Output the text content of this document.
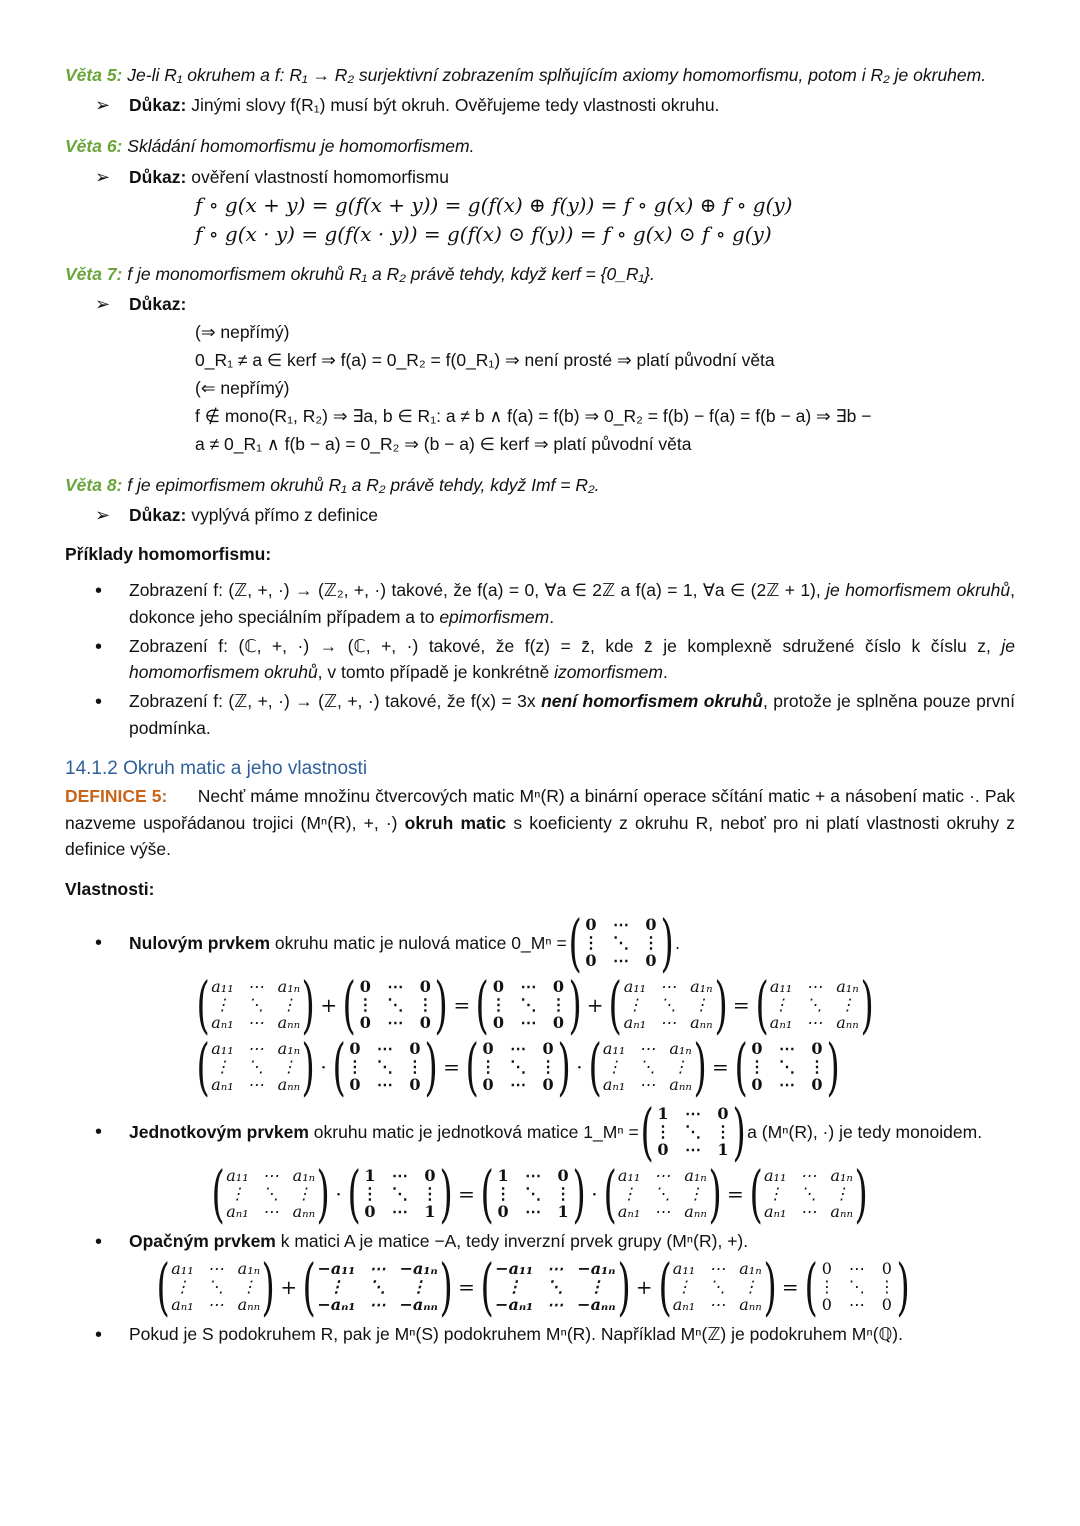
Věta 5: Je-li R₁ okruhem a f: R₁ → R₂ surjektivní zobrazením splňujícím axiomy homomorfismu, potom i R₂ je okruhem.
➢	Důkaz: Jinými slovy f(R₁) musí být okruh. Ověřujeme tedy vlastnosti okruhu.
Věta 6: Skládání homomorfismu je homomorfismem.
➢	Důkaz: ověření vlastností homomorfismu
f ∘ g(x + y) = g(f(x + y)) = g(f(x) ⊕ f(y)) = f ∘ g(x) ⊕ f ∘ g(y)
f ∘ g(x · y) = g(f(x · y)) = g(f(x) ⊙ f(y)) = f ∘ g(x) ⊙ f ∘ g(y)
Věta 7: f je monomorfismem okruhů R₁ a R₂ právě tehdy, když kerf = {0_R₁}.
➢	Důkaz:
(⇒ nepřímý)
0_R₁ ≠ a ∈ kerf ⇒ f(a) = 0_R₂ = f(0_R₁) ⇒ není prosté ⇒ platí původní věta
(⇐ nepřímý)
f ∉ mono(R₁, R₂) ⇒ ∃a, b ∈ R₁: a ≠ b ∧ f(a) = f(b) ⇒ 0_R₂ = f(b) − f(a) = f(b − a) ⇒ ∃b −
a ≠ 0_R₁ ∧ f(b − a) = 0_R₂ ⇒ (b − a) ∈ kerf ⇒ platí původní věta
Věta 8: f je epimorfismem okruhů R₁ a R₂ právě tehdy, když Imf = R₂.
➢	Důkaz: vyplývá přímo z definice
Příklady homomorfismu:
•	Zobrazení f: (ℤ, +, ·) → (ℤ₂, +, ·) takové, že f(a) = 0, ∀a ∈ 2ℤ a f(a) = 1, ∀a ∈ (2ℤ + 1), je homorfismem okruhů, dokonce jeho speciálním případem a to epimorfismem.
•	Zobrazení f: (ℂ, +, ·) → (ℂ, +, ·) takové, že f(z) = z̄, kde z̄ je komplexně sdružené číslo k číslu z, je homomorfismem okruhů, v tomto případě je konkrétně izomorfismem.
•	Zobrazení f: (ℤ, +, ·) → (ℤ, +, ·) takové, že f(x) = 3x není homorfismem okruhů, protože je splněna pouze první podmínka.
14.1.2 Okruh matic a jeho vlastnosti
DEFINICE 5: Nechť máme množinu čtvercových matic Mⁿ(R) a binární operace sčítání matic + a násobení matic ·. Pak nazveme uspořádanou trojici (Mⁿ(R), +, ·) okruh matic s koeficienty z okruhu R, neboť pro ni platí vlastnosti okruhy z definice výše.
Vlastnosti:
•	Nulovým prvkem okruhu matic je nulová matice 0_Mⁿ = ( 0 ⋯ 0
⋮ ⋱ ⋮
0 ⋯ 0 ) .
( a₁₁ ⋯ a₁ₙ
⋮ ⋱ ⋮
aₙ₁ ⋯ aₙₙ ) + ( 0 ⋯ 0
⋮ ⋱ ⋮
0 ⋯ 0 ) = ( 0 ⋯ 0
⋮ ⋱ ⋮
0 ⋯ 0 ) + ( a₁₁ ⋯ a₁ₙ
⋮ ⋱ ⋮
aₙ₁ ⋯ aₙₙ ) = ( a₁₁ ⋯ a₁ₙ
⋮ ⋱ ⋮
aₙ₁ ⋯ aₙₙ )
( a₁₁ ⋯ a₁ₙ
⋮ ⋱ ⋮
aₙ₁ ⋯ aₙₙ ) · ( 0 ⋯ 0
⋮ ⋱ ⋮
0 ⋯ 0 ) = ( 0 ⋯ 0
⋮ ⋱ ⋮
0 ⋯ 0 ) · ( a₁₁ ⋯ a₁ₙ
⋮ ⋱ ⋮
aₙ₁ ⋯ aₙₙ ) = ( 0 ⋯ 0
⋮ ⋱ ⋮
0 ⋯ 0 )
•	Jednotkovým prvkem okruhu matic je jednotková matice 1_Mⁿ = ( 1 ⋯ 0
⋮ ⋱ ⋮
0 ⋯ 1 ) a (Mⁿ(R), ·) je tedy monoidem.
( a₁₁ ⋯ a₁ₙ
⋮ ⋱ ⋮
aₙ₁ ⋯ aₙₙ ) · ( 1 ⋯ 0
⋮ ⋱ ⋮
0 ⋯ 1 ) = ( 1 ⋯ 0
⋮ ⋱ ⋮
0 ⋯ 1 ) · ( a₁₁ ⋯ a₁ₙ
⋮ ⋱ ⋮
aₙ₁ ⋯ aₙₙ ) = ( a₁₁ ⋯ a₁ₙ
⋮ ⋱ ⋮
aₙ₁ ⋯ aₙₙ )
•	Opačným prvkem k matici A je matice −A, tedy inverzní prvek grupy (Mⁿ(R), +).
( a₁₁ ⋯ a₁ₙ
⋮ ⋱ ⋮
aₙ₁ ⋯ aₙₙ ) + ( −a₁₁ ⋯ −a₁ₙ
⋮	⋱	⋮
−aₙ₁ ⋯ −aₙₙ ) = ( −a₁₁ ⋯ −a₁ₙ
⋮	⋱	⋮
−aₙ₁ ⋯ −aₙₙ ) + ( a₁₁ ⋯ a₁ₙ
⋮ ⋱ ⋮
aₙ₁ ⋯ aₙₙ ) = ( 0 ⋯ 0
⋮ ⋱ ⋮
0 ⋯ 0 )
•	Pokud je S podokruhem R, pak je Mⁿ(S) podokruhem Mⁿ(R). Například Mⁿ(ℤ) je podokruhem Mⁿ(ℚ).
